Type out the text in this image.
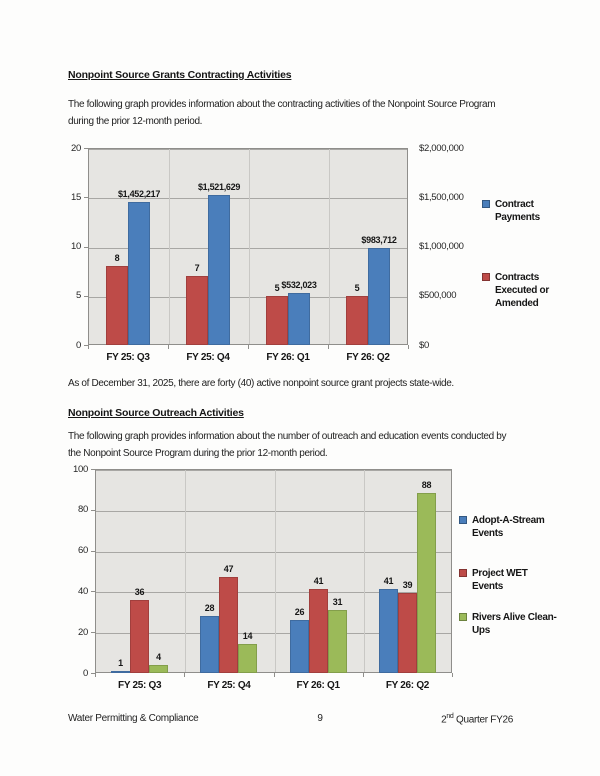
Nonpoint Source Grants Contracting Activities
The following graph provides information about the contracting activities of the Nonpoint Source Program during the prior 12-month period.
8
$1,452,217
FY 25: Q3
7
$1,521,629
FY 25: Q4
5 $532,023
FY 26: Q1
5
$983,712
FY 26: Q2
0
5
10
15
20
$0
$500,000
$1,000,000
$1,500,000
$2,000,000
Contract Payments
Contracts Executed or Amended
As of December 31, 2025, there are forty (40) active nonpoint source grant projects state-wide.
Nonpoint Source Outreach Activities
The following graph provides information about the number of outreach and education events conducted by the Nonpoint Source Program during the prior 12-month period.
1
36
4
FY 25: Q3
28
47
14
FY 25: Q4
26
41
31
FY 26: Q1
41 39
88
FY 26: Q2
0
20
40
60
80
100
Adopt-A-Stream Events
Project WET Events
Rivers Alive Clean-Ups
Water Permitting & Compliance	9	2nd Quarter FY26
